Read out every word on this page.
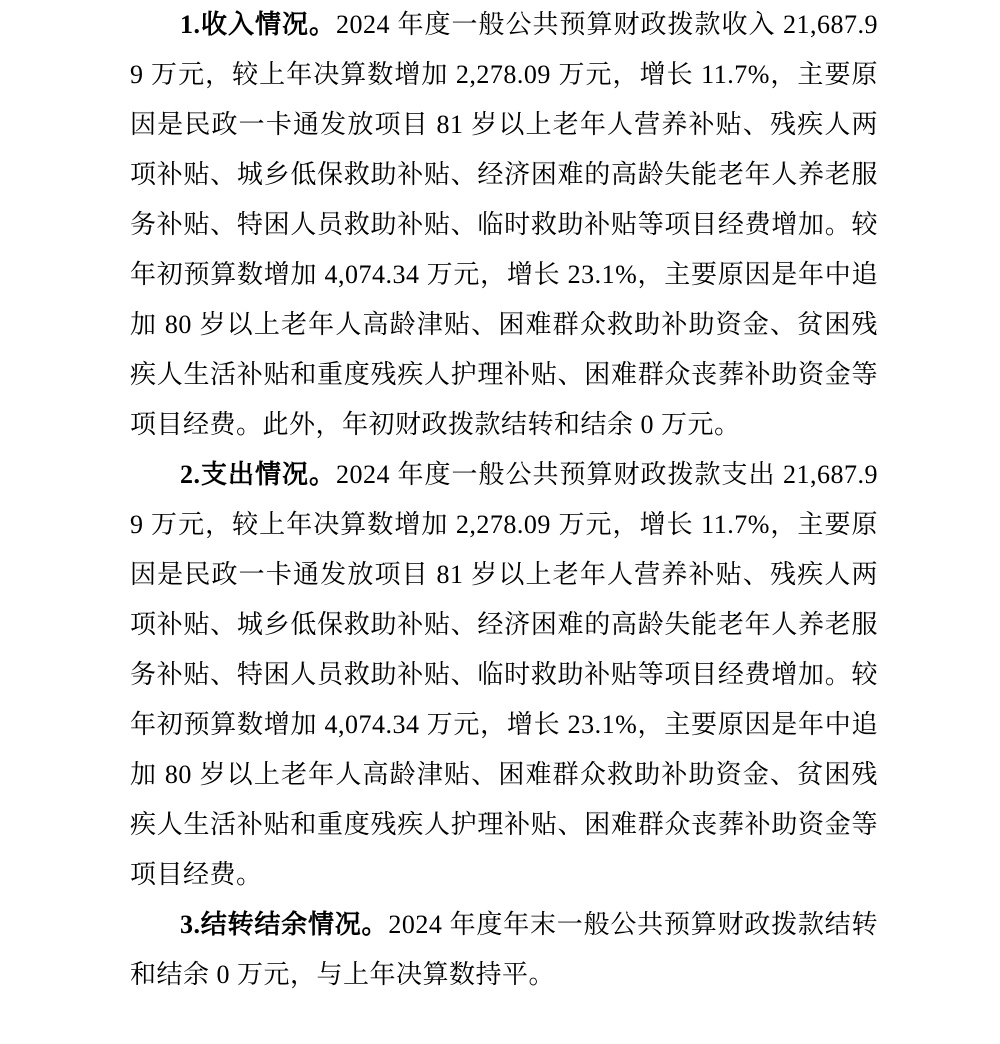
1.收入情况。2024 年度一般公共预算财政拨款收入 21,687.99 万元，较上年决算数增加 2,278.09 万元，增长 11.7%，主要原因是民政一卡通发放项目 81 岁以上老年人营养补贴、残疾人两项补贴、城乡低保救助补贴、经济困难的高龄失能老年人养老服务补贴、特困人员救助补贴、临时救助补贴等项目经费增加。较年初预算数增加 4,074.34 万元，增长 23.1%，主要原因是年中追加 80 岁以上老年人高龄津贴、困难群众救助补助资金、贫困残疾人生活补贴和重度残疾人护理补贴、困难群众丧葬补助资金等项目经费。此外，年初财政拨款结转和结余 0 万元。

2.支出情况。2024 年度一般公共预算财政拨款支出 21,687.99 万元，较上年决算数增加 2,278.09 万元，增长 11.7%，主要原因是民政一卡通发放项目 81 岁以上老年人营养补贴、残疾人两项补贴、城乡低保救助补贴、经济困难的高龄失能老年人养老服务补贴、特困人员救助补贴、临时救助补贴等项目经费增加。较年初预算数增加 4,074.34 万元，增长 23.1%，主要原因是年中追加 80 岁以上老年人高龄津贴、困难群众救助补助资金、贫困残疾人生活补贴和重度残疾人护理补贴、困难群众丧葬补助资金等项目经费。

3.结转结余情况。2024 年度年末一般公共预算财政拨款结转和结余 0 万元，与上年决算数持平。
